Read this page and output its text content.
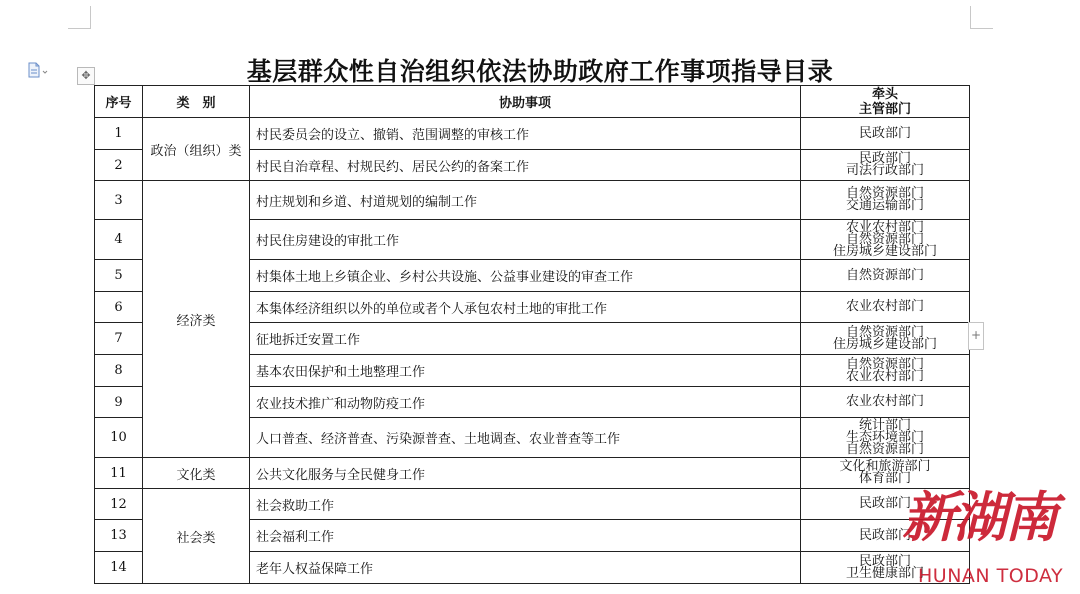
✥	基层群众性自治组织依法协助政府工作事项指导目录
序号	类　别	协助事项	牵头
主管部门

1	政治（组织）类	村民委员会的设立、撤销、范围调整的审核工作	民政部门

2		村民自治章程、村规民约、居民公约的备案工作	民政部门
司法行政部门

3	经济类	村庄规划和乡道、村道规划的编制工作	自然资源部门
交通运输部门

4		村民住房建设的审批工作	农业农村部门
自然资源部门
住房城乡建设部门

5		村集体土地上乡镇企业、乡村公共设施、公益事业建设的审查工作	自然资源部门

6		本集体经济组织以外的单位或者个人承包农村土地的审批工作	农业农村部门

7		征地拆迁安置工作	自然资源部门
住房城乡建设部门

8		基本农田保护和土地整理工作	自然资源部门
农业农村部门

9		农业技术推广和动物防疫工作	农业农村部门

10		人口普查、经济普查、污染源普查、土地调查、农业普查等工作	统计部门
生态环境部门
自然资源部门

11	文化类	公共文化服务与全民健身工作	文化和旅游部门
体育部门

12	社会类	社会救助工作	民政部门

13		社会福利工作	民政部门

14		老年人权益保障工作	民政部门
卫生健康部门
+
新湖南
HUNAN TODAY
